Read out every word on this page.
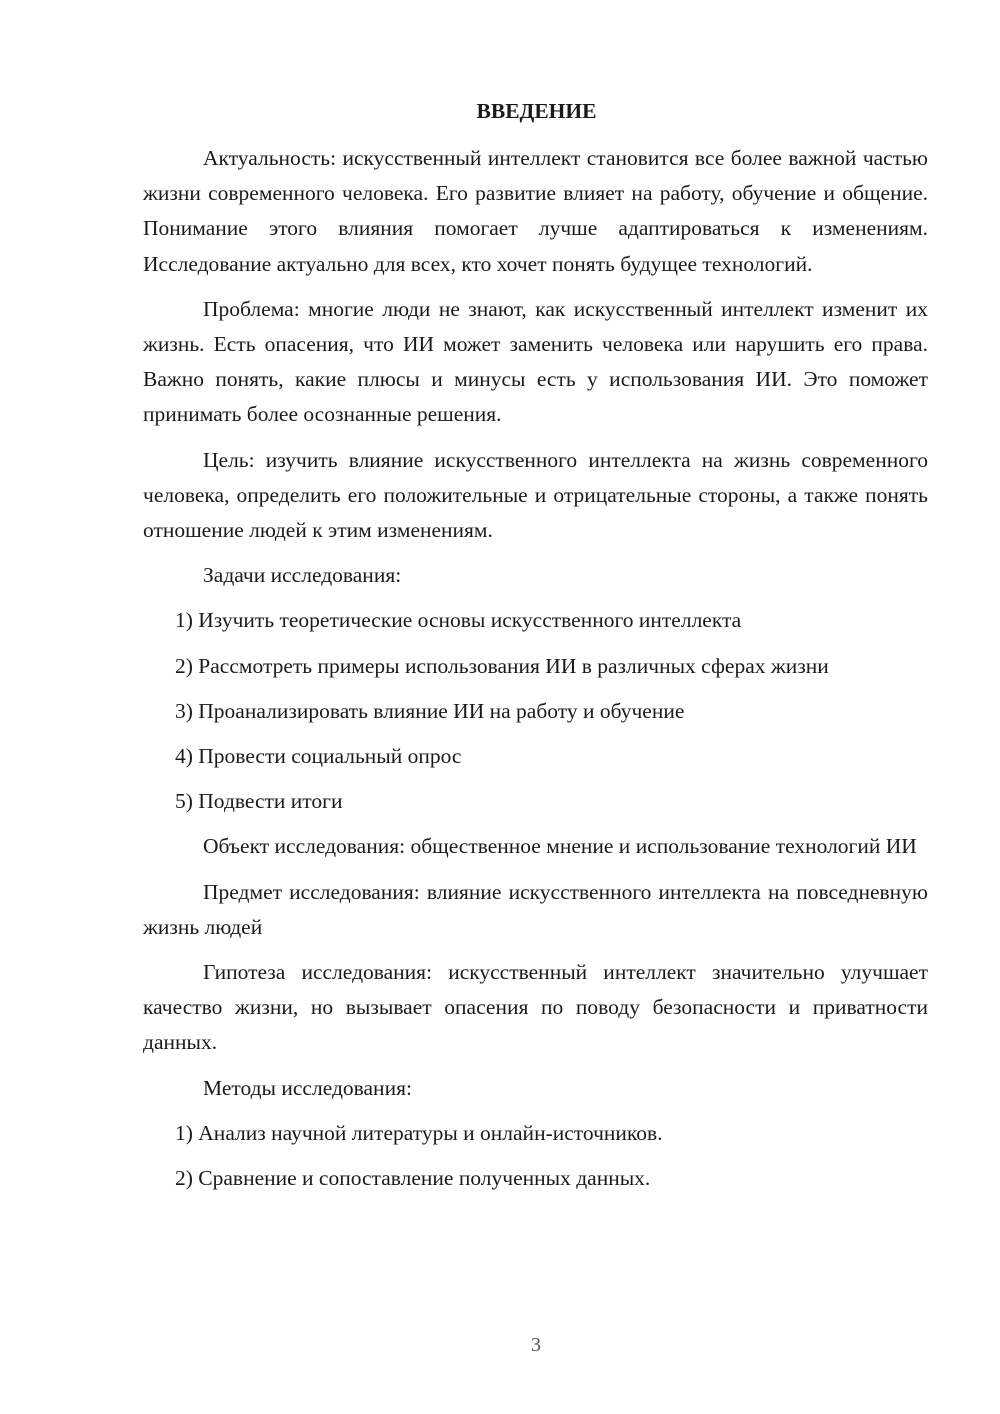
ВВЕДЕНИЕ
Актуальность: искусственный интеллект становится все более важной частью жизни современного человека. Его развитие влияет на работу, обучение и общение. Понимание этого влияния помогает лучше адаптироваться к изменениям. Исследование актуально для всех, кто хочет понять будущее технологий.
Проблема: многие люди не знают, как искусственный интеллект изменит их жизнь. Есть опасения, что ИИ может заменить человека или нарушить его права. Важно понять, какие плюсы и минусы есть у использования ИИ. Это поможет принимать более осознанные решения.
Цель: изучить влияние искусственного интеллекта на жизнь современного человека, определить его положительные и отрицательные стороны, а также понять отношение людей к этим изменениям.
Задачи исследования:
1) Изучить теоретические основы искусственного интеллекта
2) Рассмотреть примеры использования ИИ в различных сферах жизни
3) Проанализировать влияние ИИ на работу и обучение
4) Провести социальный опрос
5) Подвести итоги
Объект исследования: общественное мнение и использование технологий ИИ
Предмет исследования: влияние искусственного интеллекта на повседневную жизнь людей
Гипотеза исследования: искусственный интеллект значительно улучшает качество жизни, но вызывает опасения по поводу безопасности и приватности данных.
Методы исследования:
1) Анализ научной литературы и онлайн-источников.
2) Сравнение и сопоставление полученных данных.
3
